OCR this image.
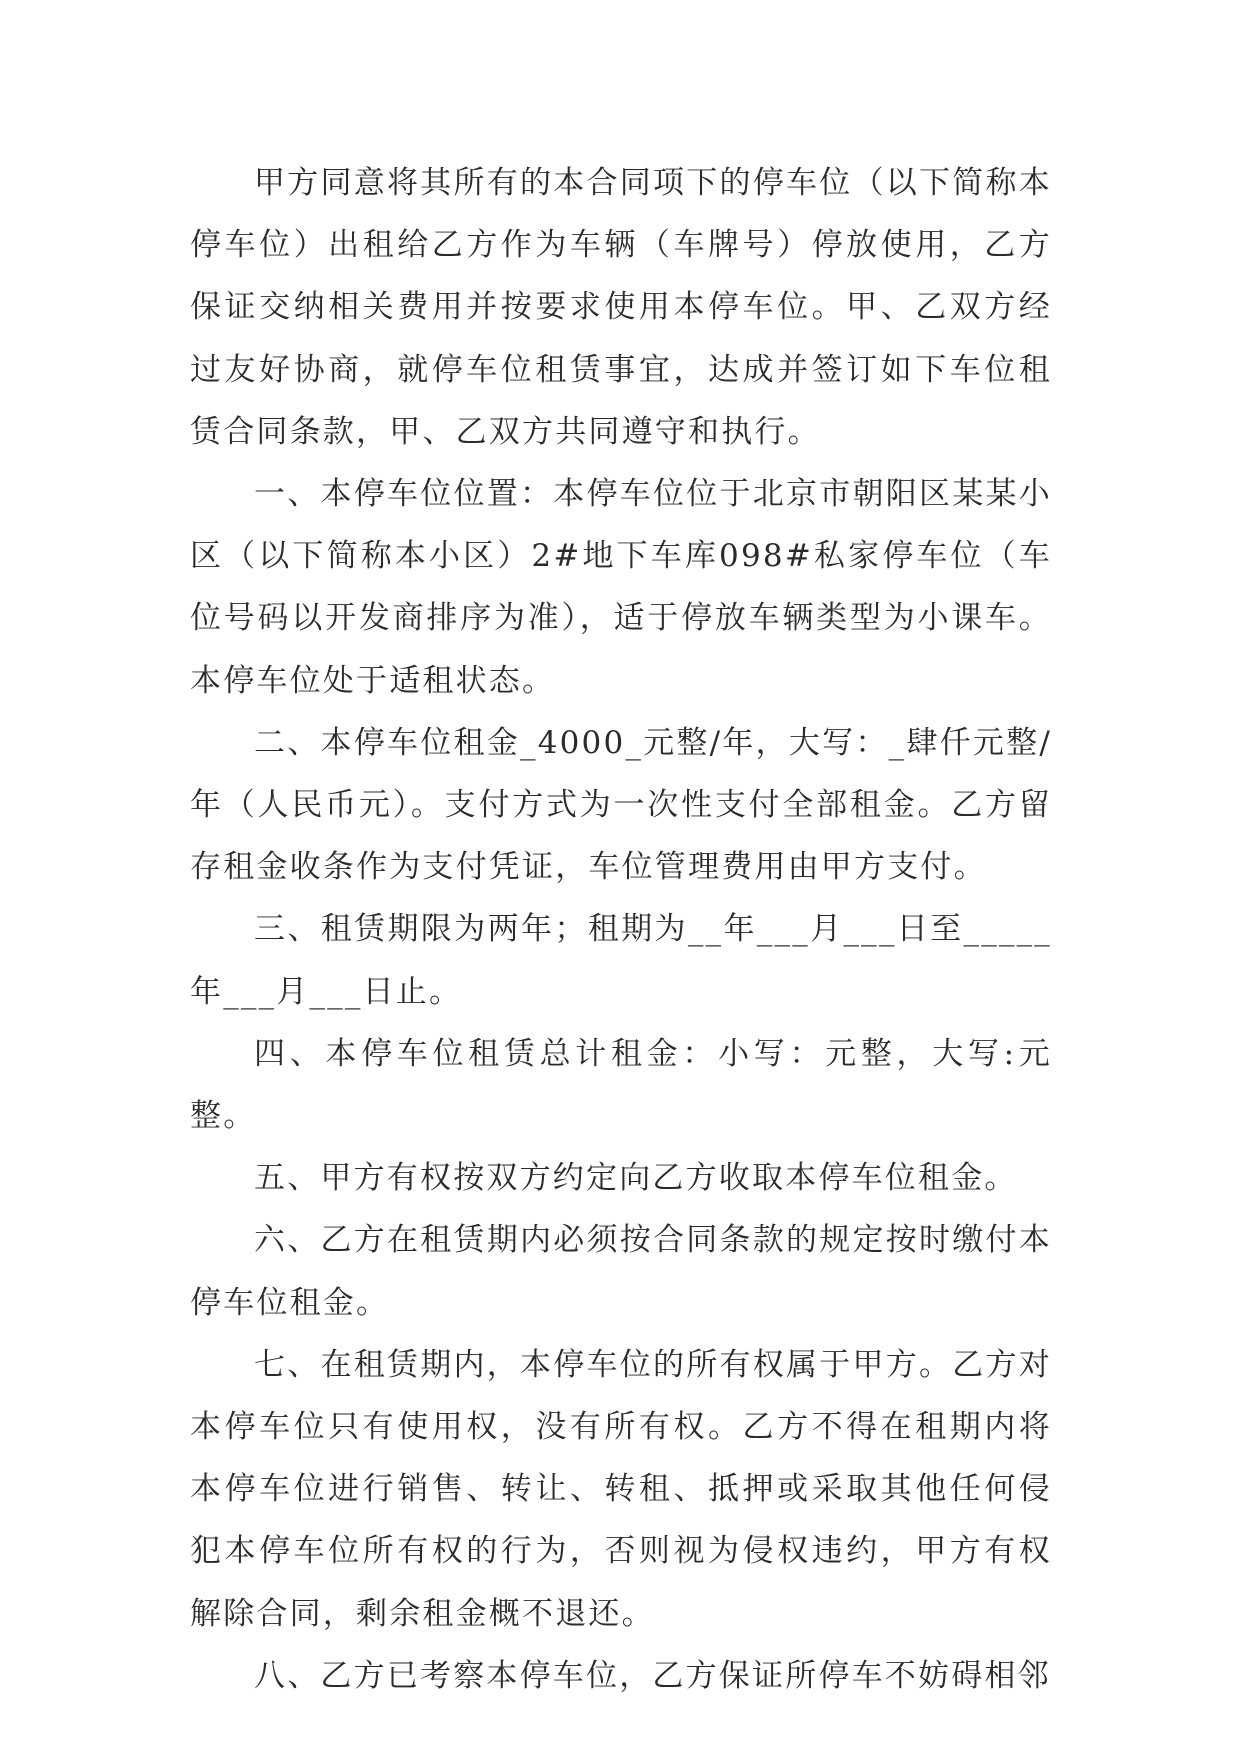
甲方同意将其所有的本合同项下的停车位（以下简称本停车位）出租给乙方作为车辆（车牌号）停放使用，乙方保证交纳相关费用并按要求使用本停车位。甲、乙双方经过友好协商，就停车位租赁事宜，达成并签订如下车位租赁合同条款，甲、乙双方共同遵守和执行。

一、本停车位位置：本停车位位于北京市朝阳区某某小区（以下简称本小区）2#地下车库098#私家停车位（车位号码以开发商排序为准），适于停放车辆类型为小课车。本停车位处于适租状态。

二、本停车位租金_4000_元整/年，大写：_肆仟元整/年（人民币元）。支付方式为一次性支付全部租金。乙方留存租金收条作为支付凭证，车位管理费用由甲方支付。

三、租赁期限为两年；租期为__年___月___日至_____年___月___日止。

四、本停车位租赁总计租金：小写：元整，大写:元整。

五、甲方有权按双方约定向乙方收取本停车位租金。

六、乙方在租赁期内必须按合同条款的规定按时缴付本停车位租金。

七、在租赁期内，本停车位的所有权属于甲方。乙方对本停车位只有使用权，没有所有权。乙方不得在租期内将本停车位进行销售、转让、转租、抵押或采取其他任何侵犯本停车位所有权的行为，否则视为侵权违约，甲方有权解除合同，剩余租金概不退还。

八、乙方已考察本停车位，乙方保证所停车不妨碍相邻
